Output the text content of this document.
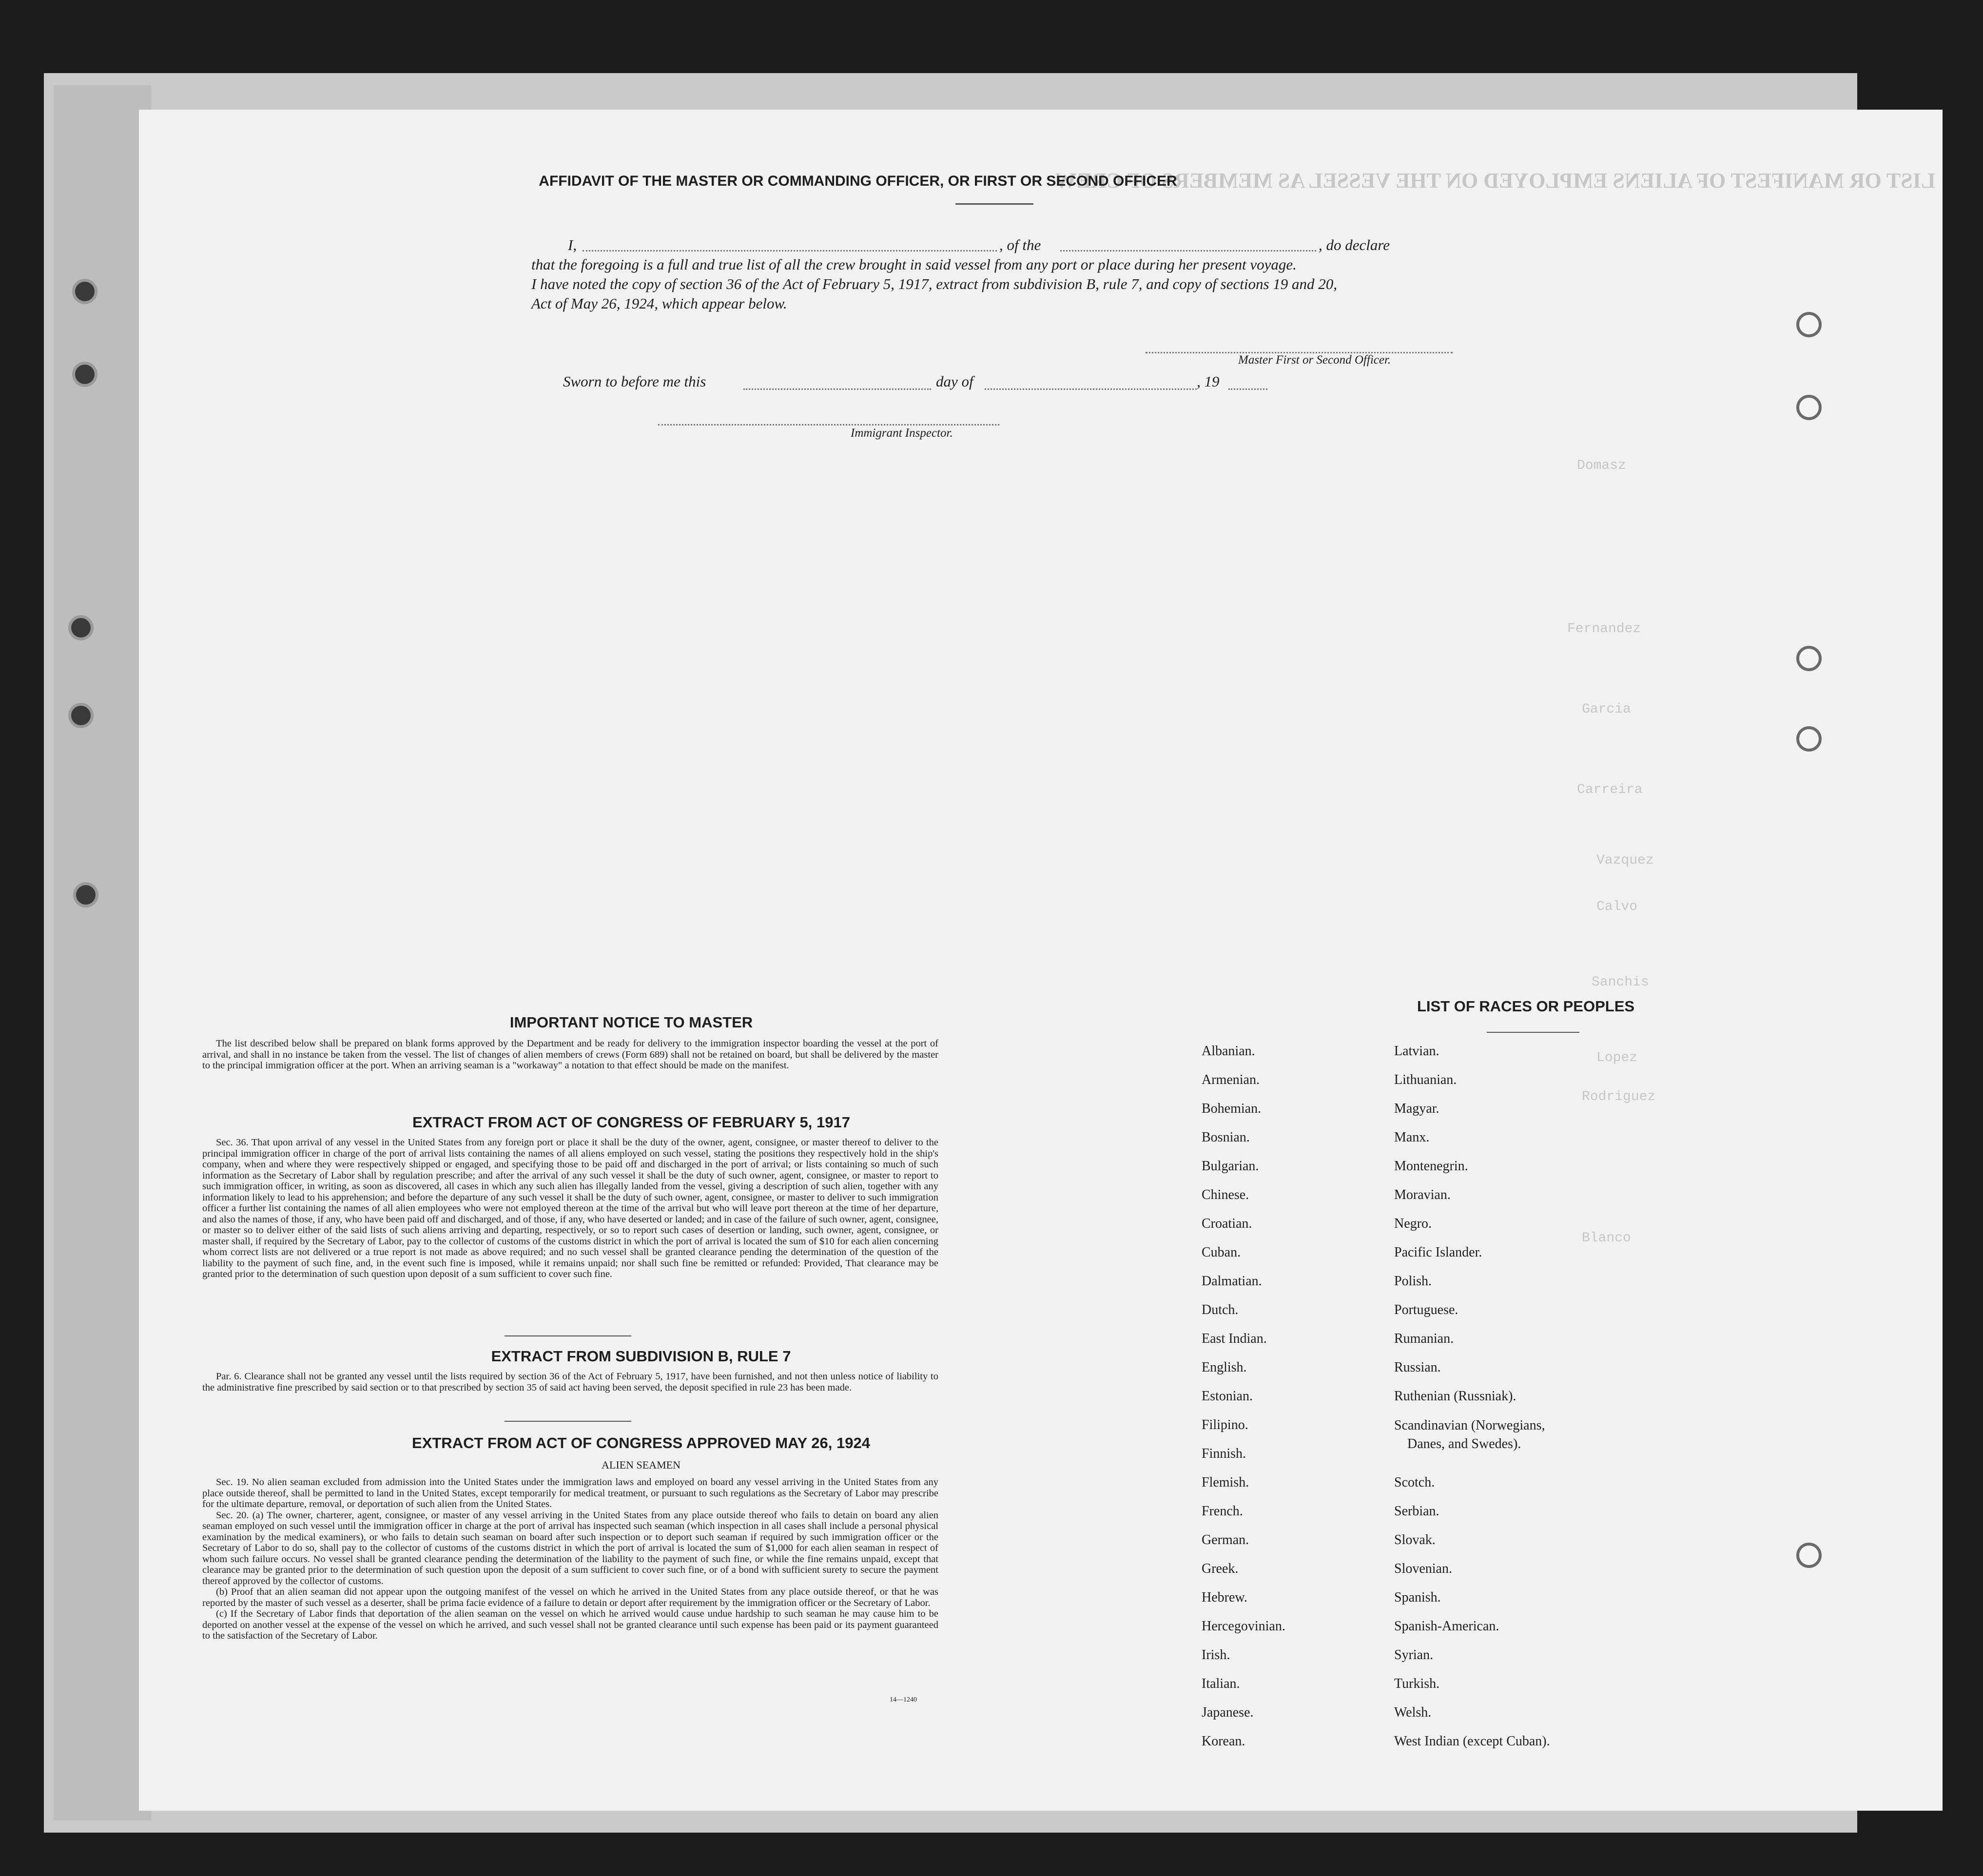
LIST OR MANIFEST OF ALIENS EMPLOYED ON THE VESSEL AS MEMBERS OF CREW
Domasz
Garcia
Fernandez
Vazquez
Carreira
Calvo
Sanchis
Lopez
Blanco
Rodriguez
AFFIDAVIT OF THE MASTER OR COMMANDING OFFICER, OR FIRST OR SECOND OFFICER
I,	, of the	, do declare
that the foregoing is a full and true list of all the crew brought in said vessel from any port or place during her present voyage.
I have noted the copy of section 36 of the Act of February 5, 1917, extract from subdivision B, rule 7, and copy of sections 19 and 20,
Act of May 26, 1924, which appear below.
Master First or Second Officer.
Sworn to before me this	day of	, 19
Immigrant Inspector.
IMPORTANT NOTICE TO MASTER

The list described below shall be prepared on blank forms approved by the Department and be ready for delivery to the immigration inspector boarding the vessel at the port of arrival, and shall in no instance be taken from the vessel. The list of changes of alien members of crews (Form 689) shall not be retained on board, but shall be delivered by the master to the principal immigration officer at the port. When an arriving seaman is a "workaway" a notation to that effect should be made on the manifest.

EXTRACT FROM ACT OF CONGRESS OF FEBRUARY 5, 1917

Sec. 36. That upon arrival of any vessel in the United States from any foreign port or place it shall be the duty of the owner, agent, consignee, or master thereof to deliver to the principal immigration officer in charge of the port of arrival lists containing the names of all aliens employed on such vessel, stating the positions they respectively hold in the ship's company, when and where they were respectively shipped or engaged, and specifying those to be paid off and discharged in the port of arrival; or lists containing so much of such information as the Secretary of Labor shall by regulation prescribe; and after the arrival of any such vessel it shall be the duty of such owner, agent, consignee, or master to report to such immigration officer, in writing, as soon as discovered, all cases in which any such alien has illegally landed from the vessel, giving a description of such alien, together with any information likely to lead to his apprehension; and before the departure of any such vessel it shall be the duty of such owner, agent, consignee, or master to deliver to such immigration officer a further list containing the names of all alien employees who were not employed thereon at the time of the arrival but who will leave port thereon at the time of her departure, and also the names of those, if any, who have been paid off and discharged, and of those, if any, who have deserted or landed; and in case of the failure of such owner, agent, consignee, or master so to deliver either of the said lists of such aliens arriving and departing, respectively, or so to report such cases of desertion or landing, such owner, agent, consignee, or master shall, if required by the Secretary of Labor, pay to the collector of customs of the customs district in which the port of arrival is located the sum of $10 for each alien concerning whom correct lists are not delivered or a true report is not made as above required; and no such vessel shall be granted clearance pending the determination of the question of the liability to the payment of such fine, and, in the event such fine is imposed, while it remains unpaid; nor shall such fine be remitted or refunded: Provided, That clearance may be granted prior to the determination of such question upon deposit of a sum sufficient to cover such fine.

EXTRACT FROM SUBDIVISION B, RULE 7

Par. 6. Clearance shall not be granted any vessel until the lists required by section 36 of the Act of February 5, 1917, have been furnished, and not then unless notice of liability to the administrative fine prescribed by said section or to that prescribed by section 35 of said act having been served, the deposit specified in rule 23 has been made.

EXTRACT FROM ACT OF CONGRESS APPROVED MAY 26, 1924
ALIEN SEAMEN

Sec. 19. No alien seaman excluded from admission into the United States under the immigration laws and employed on board any vessel arriving in the United States from any place outside thereof, shall be permitted to land in the United States, except temporarily for medical treatment, or pursuant to such regulations as the Secretary of Labor may prescribe for the ultimate departure, removal, or deportation of such alien from the United States.

Sec. 20. (a) The owner, charterer, agent, consignee, or master of any vessel arriving in the United States from any place outside thereof who fails to detain on board any alien seaman employed on such vessel until the immigration officer in charge at the port of arrival has inspected such seaman (which inspection in all cases shall include a personal physical examination by the medical examiners), or who fails to detain such seaman on board after such inspection or to deport such seaman if required by such immigration officer or the Secretary of Labor to do so, shall pay to the collector of customs of the customs district in which the port of arrival is located the sum of $1,000 for each alien seaman in respect of whom such failure occurs. No vessel shall be granted clearance pending the determination of the liability to the payment of such fine, or while the fine remains unpaid, except that clearance may be granted prior to the determination of such question upon the deposit of a sum sufficient to cover such fine, or of a bond with sufficient surety to secure the payment thereof approved by the collector of customs.

(b) Proof that an alien seaman did not appear upon the outgoing manifest of the vessel on which he arrived in the United States from any place outside thereof, or that he was reported by the master of such vessel as a deserter, shall be prima facie evidence of a failure to detain or deport after requirement by the immigration officer or the Secretary of Labor.

(c) If the Secretary of Labor finds that deportation of the alien seaman on the vessel on which he arrived would cause undue hardship to such seaman he may cause him to be deported on another vessel at the expense of the vessel on which he arrived, and such vessel shall not be granted clearance until such expense has been paid or its payment guaranteed to the satisfaction of the Secretary of Labor.

14—1240
LIST OF RACES OR PEOPLES
Albanian.
Armenian.
Bohemian.
Bosnian.
Bulgarian.
Chinese.
Croatian.
Cuban.
Dalmatian.
Dutch.
East Indian.
English.
Estonian.
Filipino.
Finnish.
Flemish.
French.
German.
Greek.
Hebrew.
Hercegovinian.
Irish.
Italian.
Japanese.
Korean.
Latvian.
Lithuanian.
Magyar.
Manx.
Montenegrin.
Moravian.
Negro.
Pacific Islander.
Polish.
Portuguese.
Rumanian.
Russian.
Ruthenian (Russniak).
Scandinavian (Norwegians,
Danes, and Swedes).
Scotch.
Serbian.
Slovak.
Slovenian.
Spanish.
Spanish-American.
Syrian.
Turkish.
Welsh.
West Indian (except Cuban).
